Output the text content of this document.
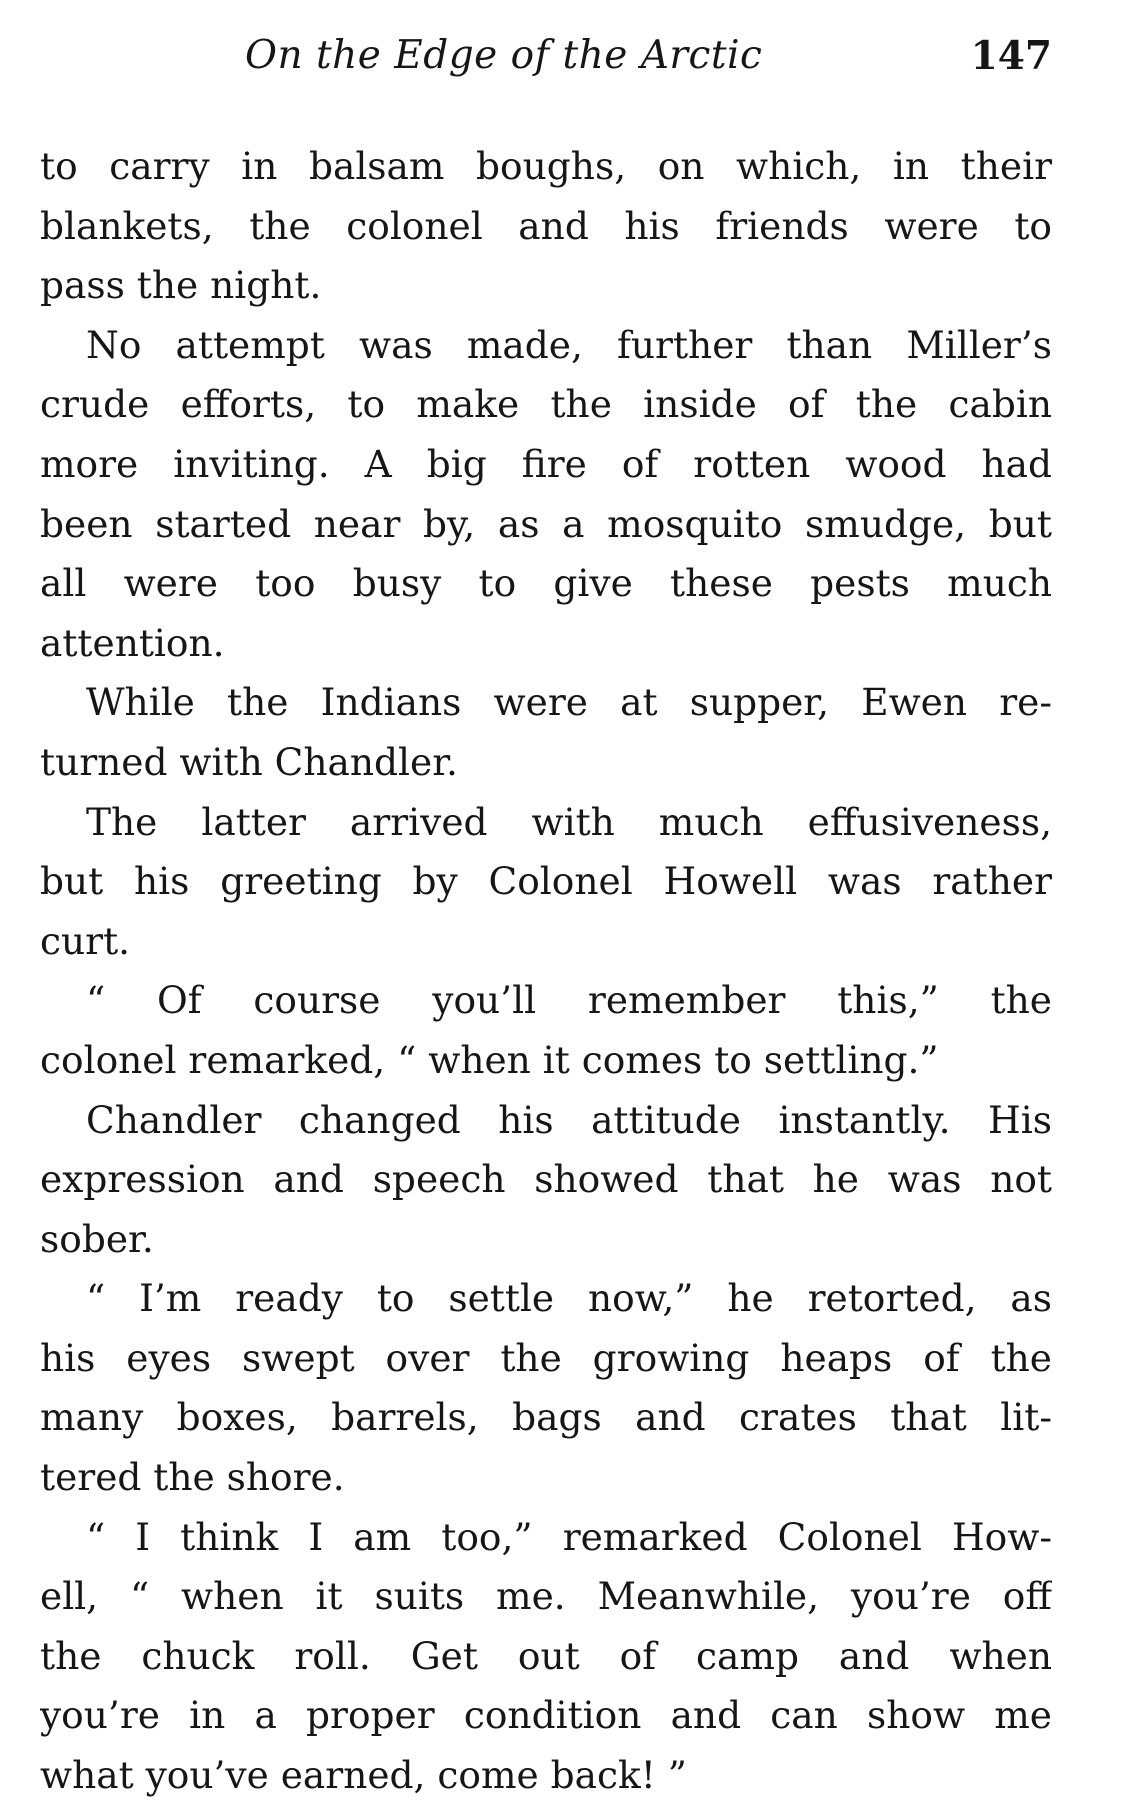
On the Edge of the Arctic	147
to carry in balsam boughs, on which, in their
blankets, the colonel and his friends were to
pass the night.
No attempt was made, further than Miller’s
crude efforts, to make the inside of the cabin
more inviting. A big fire of rotten wood had
been started near by, as a mosquito smudge, but
all were too busy to give these pests much
attention.
While the Indians were at supper, Ewen re-
turned with Chandler.
The latter arrived with much effusiveness,
but his greeting by Colonel Howell was rather
curt.
“ Of course you’ll remember this,” the
colonel remarked, “ when it comes to settling.”
Chandler changed his attitude instantly. His
expression and speech showed that he was not
sober.
“ I’m ready to settle now,” he retorted, as
his eyes swept over the growing heaps of the
many boxes, barrels, bags and crates that lit-
tered the shore.
“ I think I am too,” remarked Colonel How-
ell, “ when it suits me. Meanwhile, you’re off
the chuck roll. Get out of camp and when
you’re in a proper condition and can show me
what you’ve earned, come back! ”
